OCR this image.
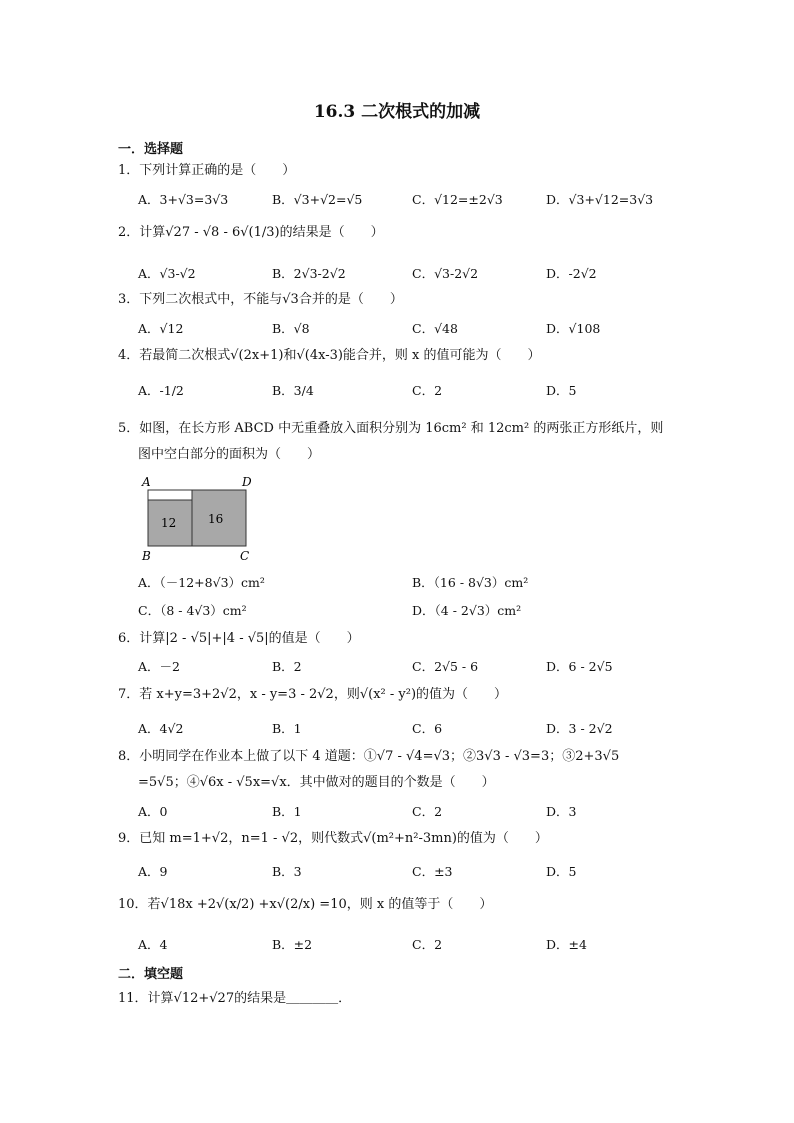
16.3 二次根式的加减
一．选择题
1．下列计算正确的是（　　）
A．3+√3=3√3	B．√3+√2=√5	C．√12=±2√3	D．√3+√12=3√3
2．计算√27 - √8 - 6√(1/3)的结果是（　　）
A．√3-√2	B．2√3-2√2	C．√3-2√2	D．-2√2
3．下列二次根式中，不能与√3合并的是（　　）
A．√12	B．√8	C．√48	D．√108
4．若最简二次根式√(2x+1)和√(4x-3)能合并，则 x 的值可能为（　　）
A．-1/2	B．3/4	C．2	D．5
5．如图，在长方形 ABCD 中无重叠放入面积分别为 16cm² 和 12cm² 的两张正方形纸片，则
图中空白部分的面积为（　　）
A	D
B	C
12	16
A．（－12+8√3）cm²	B．（16 - 8√3）cm²
C．（8 - 4√3）cm²	D．（4 - 2√3）cm²
6．计算|2 - √5|+|4 - √5|的值是（　　）
A．－2	B．2	C．2√5 - 6	D．6 - 2√5
7．若 x+y=3+2√2，x - y=3 - 2√2，则√(x² - y²)的值为（　　）
A．4√2	B．1	C．6	D．3 - 2√2
8．小明同学在作业本上做了以下 4 道题：①√7 - √4=√3；②3√3 - √3=3；③2+3√5
=5√5；④√6x - √5x=√x．其中做对的题目的个数是（　　）
A．0	B．1	C．2	D．3
9．已知 m=1+√2，n=1 - √2，则代数式√(m²+n²-3mn)的值为（　　）
A．9	B．3	C．±3	D．5
10．若√18x +2√(x/2) +x√(2/x) =10，则 x 的值等于（　　）
A．4	B．±2	C．2	D．±4
二．填空题
11．计算√12+√27的结果是＿＿＿＿．
